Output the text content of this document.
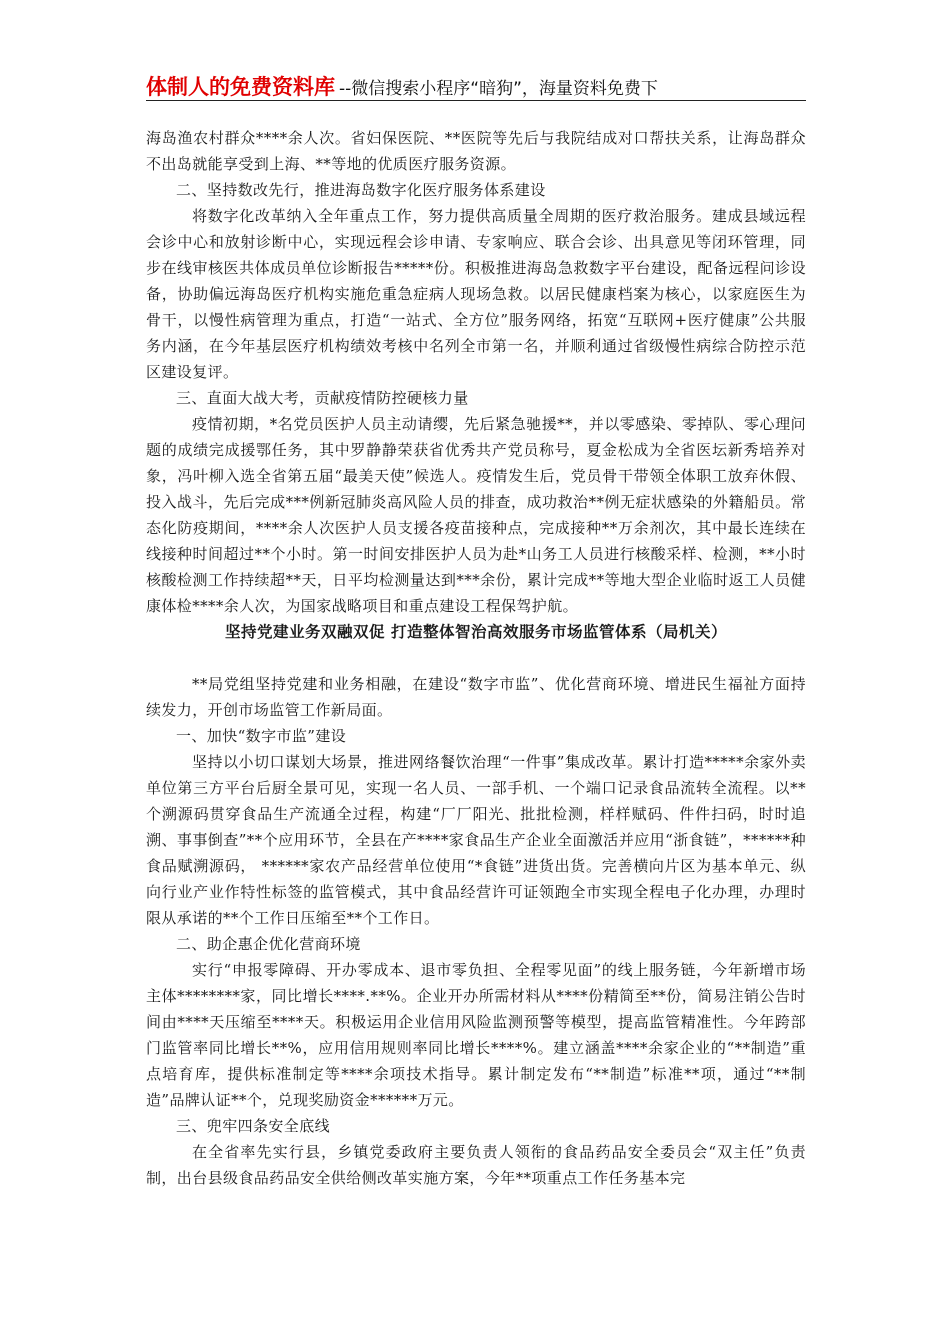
体制人的免费资料库 --微信搜索小程序“暗狗”，海量资料免费下

海岛渔农村群众****余人次。省妇保医院、**医院等先后与我院结成对口帮扶关系，让海岛群众不出岛就能享受到上海、**等地的优质医疗服务资源。

二、坚持数改先行，推进海岛数字化医疗服务体系建设

将数字化改革纳入全年重点工作，努力提供高质量全周期的医疗救治服务。建成县域远程会诊中心和放射诊断中心，实现远程会诊申请、专家响应、联合会诊、出具意见等闭环管理，同步在线审核医共体成员单位诊断报告*****份。积极推进海岛急救数字平台建设，配备远程问诊设备，协助偏远海岛医疗机构实施危重急症病人现场急救。以居民健康档案为核心，以家庭医生为骨干，以慢性病管理为重点，打造“一站式、全方位”服务网络，拓宽“互联网+医疗健康”公共服务内涵，在今年基层医疗机构绩效考核中名列全市第一名，并顺利通过省级慢性病综合防控示范区建设复评。

三、直面大战大考，贡献疫情防控硬核力量

疫情初期，*名党员医护人员主动请缨，先后紧急驰援**，并以零感染、零掉队、零心理问题的成绩完成援鄂任务，其中罗静静荣获省优秀共产党员称号，夏金松成为全省医坛新秀培养对象，冯叶柳入选全省第五届“最美天使”候选人。疫情发生后，党员骨干带领全体职工放弃休假、投入战斗，先后完成***例新冠肺炎高风险人员的排查，成功救治**例无症状感染的外籍船员。常态化防疫期间，****余人次医护人员支援各疫苗接种点，完成接种**万余剂次，其中最长连续在线接种时间超过**个小时。第一时间安排医护人员为赴*山务工人员进行核酸采样、检测，**小时核酸检测工作持续超**天，日平均检测量达到***余份，累计完成**等地大型企业临时返工人员健康体检****余人次，为国家战略项目和重点建设工程保驾护航。

坚持党建业务双融双促 打造整体智治高效服务市场监管体系（局机关）

**局党组坚持党建和业务相融，在建设“数字市监”、优化营商环境、增进民生福祉方面持续发力，开创市场监管工作新局面。

一、加快“数字市监”建设

坚持以小切口谋划大场景，推进网络餐饮治理“一件事”集成改革。累计打造*****余家外卖单位第三方平台后厨全景可见，实现一名人员、一部手机、一个端口记录食品流转全流程。以**个溯源码贯穿食品生产流通全过程，构建“厂厂阳光、批批检测，样样赋码、件件扫码，时时追溯、事事倒查”**个应用环节，全县在产****家食品生产企业全面激活并应用“浙食链”，******种食品赋溯源码， ******家农产品经营单位使用“*食链”进货出货。完善横向片区为基本单元、纵向行业产业作特性标签的监管模式，其中食品经营许可证领跑全市实现全程电子化办理，办理时限从承诺的**个工作日压缩至**个工作日。

二、助企惠企优化营商环境

实行“申报零障碍、开办零成本、退市零负担、全程零见面”的线上服务链，今年新增市场主体********家，同比增长****.**%。企业开办所需材料从****份精简至**份，简易注销公告时间由****天压缩至****天。积极运用企业信用风险监测预警等模型，提高监管精准性。今年跨部门监管率同比增长**%，应用信用规则率同比增长****%。建立涵盖****余家企业的“**制造”重点培育库，提供标准制定等****余项技术指导。累计制定发布“**制造”标准**项，通过“**制造”品牌认证**个，兑现奖励资金******万元。

三、兜牢四条安全底线

在全省率先实行县，乡镇党委政府主要负责人领衔的食品药品安全委员会“双主任”负责制，出台县级食品药品安全供给侧改革实施方案，今年**项重点工作任务基本完
